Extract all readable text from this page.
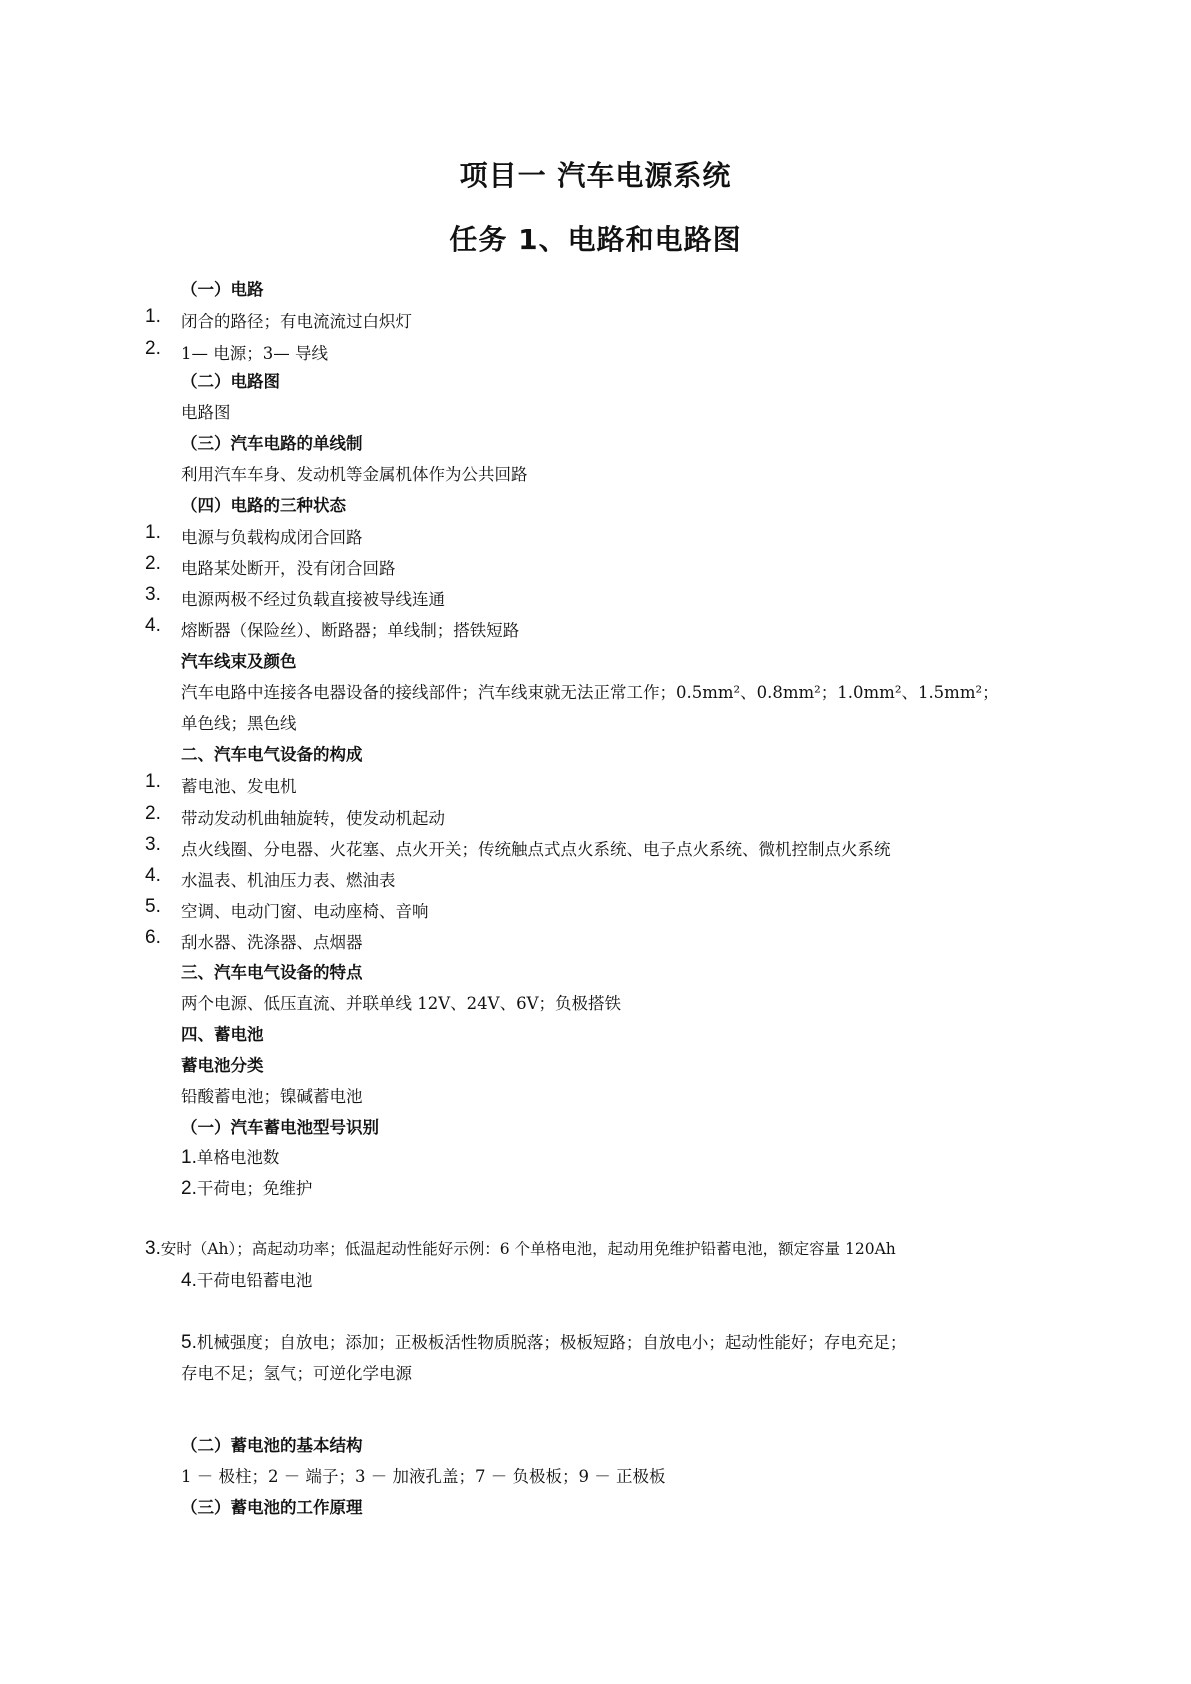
项目一 汽车电源系统
任务 1、电路和电路图
（一）电路
1. 闭合的路径；有电流流过白炽灯
2. 1— 电源；3— 导线
（二）电路图
电路图
（三）汽车电路的单线制
利用汽车车身、发动机等金属机体作为公共回路
（四）电路的三种状态
1. 电源与负载构成闭合回路
2. 电路某处断开，没有闭合回路
3. 电源两极不经过负载直接被导线连通
4. 熔断器（保险丝）、断路器；单线制；搭铁短路
汽车线束及颜色
汽车电路中连接各电器设备的接线部件；汽车线束就无法正常工作；0.5mm²、0.8mm²；1.0mm²、1.5mm²；
单色线；黑色线
二、汽车电气设备的构成
1. 蓄电池、发电机
2. 带动发动机曲轴旋转，使发动机起动
3. 点火线圈、分电器、火花塞、点火开关；传统触点式点火系统、电子点火系统、微机控制点火系统
4. 水温表、机油压力表、燃油表
5. 空调、电动门窗、电动座椅、音响
6. 刮水器、洗涤器、点烟器
三、汽车电气设备的特点
两个电源、低压直流、并联单线 12V、24V、6V；负极搭铁
四、蓄电池
蓄电池分类
铅酸蓄电池；镍碱蓄电池
（一）汽车蓄电池型号识别
1.单格电池数
2.干荷电；免维护
3.安时（Ah）；高起动功率；低温起动性能好示例：6 个单格电池，起动用免维护铅蓄电池，额定容量 120Ah
4.干荷电铅蓄电池
5.机械强度；自放电；添加；正极板活性物质脱落；极板短路；自放电小；起动性能好；存电充足；
存电不足；氢气；可逆化学电源
（二）蓄电池的基本结构
1 － 极柱；2 － 端子；3 － 加液孔盖；7 － 负极板；9 － 正极板
（三）蓄电池的工作原理
